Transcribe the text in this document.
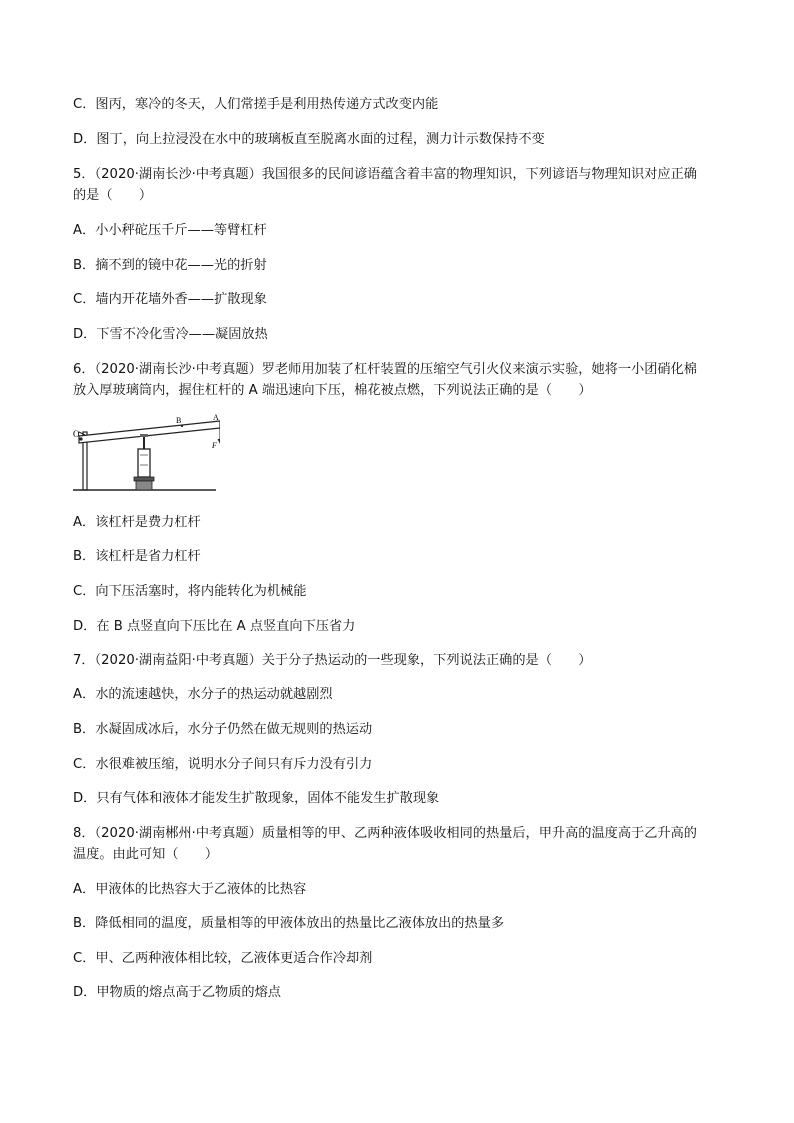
C．图丙，寒冷的冬天，人们常搓手是利用热传递方式改变内能
D．图丁，向上拉浸没在水中的玻璃板直至脱离水面的过程，测力计示数保持不变
5．（2020·湖南长沙·中考真题）我国很多的民间谚语蕴含着丰富的物理知识，下列谚语与物理知识对应正确
的是（　　）
A．小小秤砣压千斤——等臂杠杆
B．摘不到的镜中花——光的折射
C．墙内开花墙外香——扩散现象
D．下雪不冷化雪冷——凝固放热
6．（2020·湖南长沙·中考真题）罗老师用加装了杠杆装置的压缩空气引火仪来演示实验，她将一小团硝化棉
放入厚玻璃筒内，握住杠杆的 A 端迅速向下压，棉花被点燃，下列说法正确的是（　　）
O
B	A
F
A．该杠杆是费力杠杆
B．该杠杆是省力杠杆
C．向下压活塞时，将内能转化为机械能
D．在 B 点竖直向下压比在 A 点竖直向下压省力
7．（2020·湖南益阳·中考真题）关于分子热运动的一些现象，下列说法正确的是（　　）
A．水的流速越快，水分子的热运动就越剧烈
B．水凝固成冰后，水分子仍然在做无规则的热运动
C．水很难被压缩，说明水分子间只有斥力没有引力
D．只有气体和液体才能发生扩散现象，固体不能发生扩散现象
8．（2020·湖南郴州·中考真题）质量相等的甲、乙两种液体吸收相同的热量后，甲升高的温度高于乙升高的
温度。由此可知（　　）
A．甲液体的比热容大于乙液体的比热容
B．降低相同的温度，质量相等的甲液体放出的热量比乙液体放出的热量多
C．甲、乙两种液体相比较，乙液体更适合作冷却剂
D．甲物质的熔点高于乙物质的熔点
